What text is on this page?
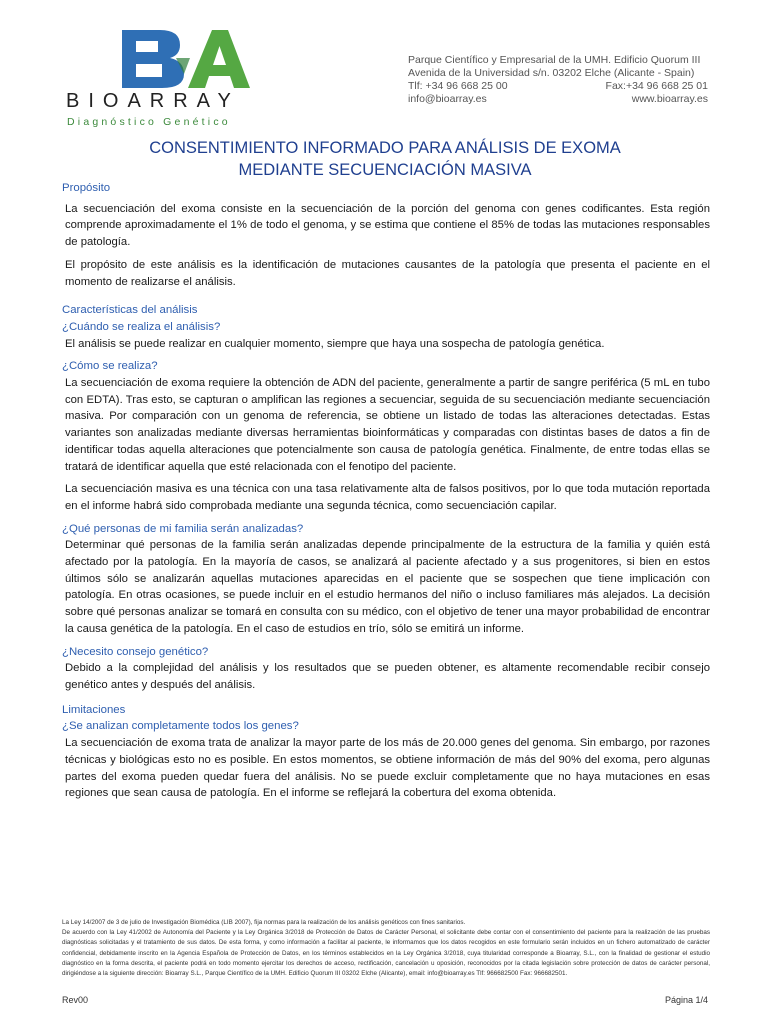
BIOARRAY
Diagnóstico Genético
Parque Científico y Empresarial de la UMH. Edificio Quorum III
Avenida de la Universidad s/n. 03202 Elche (Alicante - Spain)
Tlf: +34 96 668 25 00	Fax:+34 96 668 25 01
info@bioarray.es	www.bioarray.es
CONSENTIMIENTO INFORMADO PARA ANÁLISIS DE EXOMA
MEDIANTE SECUENCIACIÓN MASIVA
Propósito

La secuenciación del exoma consiste en la secuenciación de la porción del genoma con genes codificantes. Esta región comprende aproximadamente el 1% de todo el genoma, y se estima que contiene el 85% de todas las mutaciones responsables de patología.

El propósito de este análisis es la identificación de mutaciones causantes de la patología que presenta el paciente en el momento de realizarse el análisis.

Características del análisis
¿Cuándo se realiza el análisis?

El análisis se puede realizar en cualquier momento, siempre que haya una sospecha de patología genética.

¿Cómo se realiza?

La secuenciación de exoma requiere la obtención de ADN del paciente, generalmente a partir de sangre periférica (5 mL en tubo con EDTA). Tras esto, se capturan o amplifican las regiones a secuenciar, seguida de su secuenciación mediante secuenciación masiva. Por comparación con un genoma de referencia, se obtiene un listado de todas las alteraciones detectadas. Estas variantes son analizadas mediante diversas herramientas bioinformáticas y comparadas con distintas bases de datos a fin de identificar todas aquella alteraciones que potencialmente son causa de patología genética. Finalmente, de entre todas ellas se tratará de identificar aquella que esté relacionada con el fenotipo del paciente.

La secuenciación masiva es una técnica con una tasa relativamente alta de falsos positivos, por lo que toda mutación reportada en el informe habrá sido comprobada mediante una segunda técnica, como secuenciación capilar.

¿Qué personas de mi familia serán analizadas?

Determinar qué personas de la familia serán analizadas depende principalmente de la estructura de la familia y quién está afectado por la patología. En la mayoría de casos, se analizará al paciente afectado y a sus progenitores, si bien en estos últimos sólo se analizarán aquellas mutaciones aparecidas en el paciente que se sospechen que tiene implicación con patología. En otras ocasiones, se puede incluir en el estudio hermanos del niño o incluso familiares más alejados. La decisión sobre qué personas analizar se tomará en consulta con su médico, con el objetivo de tener una mayor probabilidad de encontrar la causa genética de la patología. En el caso de estudios en trío, sólo se emitirá un informe.

¿Necesito consejo genético?

Debido a la complejidad del análisis y los resultados que se pueden obtener, es altamente recomendable recibir consejo genético antes y después del análisis.

Limitaciones
¿Se analizan completamente todos los genes?

La secuenciación de exoma trata de analizar la mayor parte de los más de 20.000 genes del genoma. Sin embargo, por razones técnicas y biológicas esto no es posible. En estos momentos, se obtiene información de más del 90% del exoma, pero algunas partes del exoma pueden quedar fuera del análisis. No se puede excluir completamente que no haya mutaciones en esas regiones que sean causa de patología. En el informe se reflejará la cobertura del exoma obtenida.

La Ley 14/2007 de 3 de julio de Investigación Biomédica (LIB 2007), fija normas para la realización de los análisis genéticos con fines sanitarios.
De acuerdo con la Ley 41/2002 de Autonomía del Paciente y la Ley Orgánica 3/2018 de Protección de Datos de Carácter Personal, el solicitante debe contar con el consentimiento del paciente para la realización de las pruebas diagnósticas solicitadas y el tratamiento de sus datos. De esta forma, y como información a facilitar al paciente, le informamos que los datos recogidos en este formulario serán incluidos en un fichero automatizado de carácter confidencial, debidamente inscrito en la Agencia Española de Protección de Datos, en los términos establecidos en la Ley Orgánica 3/2018, cuya titularidad corresponde a Bioarray, S.L., con la finalidad de gestionar el estudio diagnóstico en la forma descrita, el paciente podrá en todo momento ejercitar los derechos de acceso, rectificación, cancelación u oposición, reconocidos por la citada legislación sobre protección de datos de carácter personal, dirigiéndose a la siguiente dirección: Bioarray S.L., Parque Científico de la UMH. Edificio Quorum III 03202 Elche (Alicante), email: info@bioarray.es Tlf: 966682500 Fax: 966682501.
Rev00	Página 1/4
